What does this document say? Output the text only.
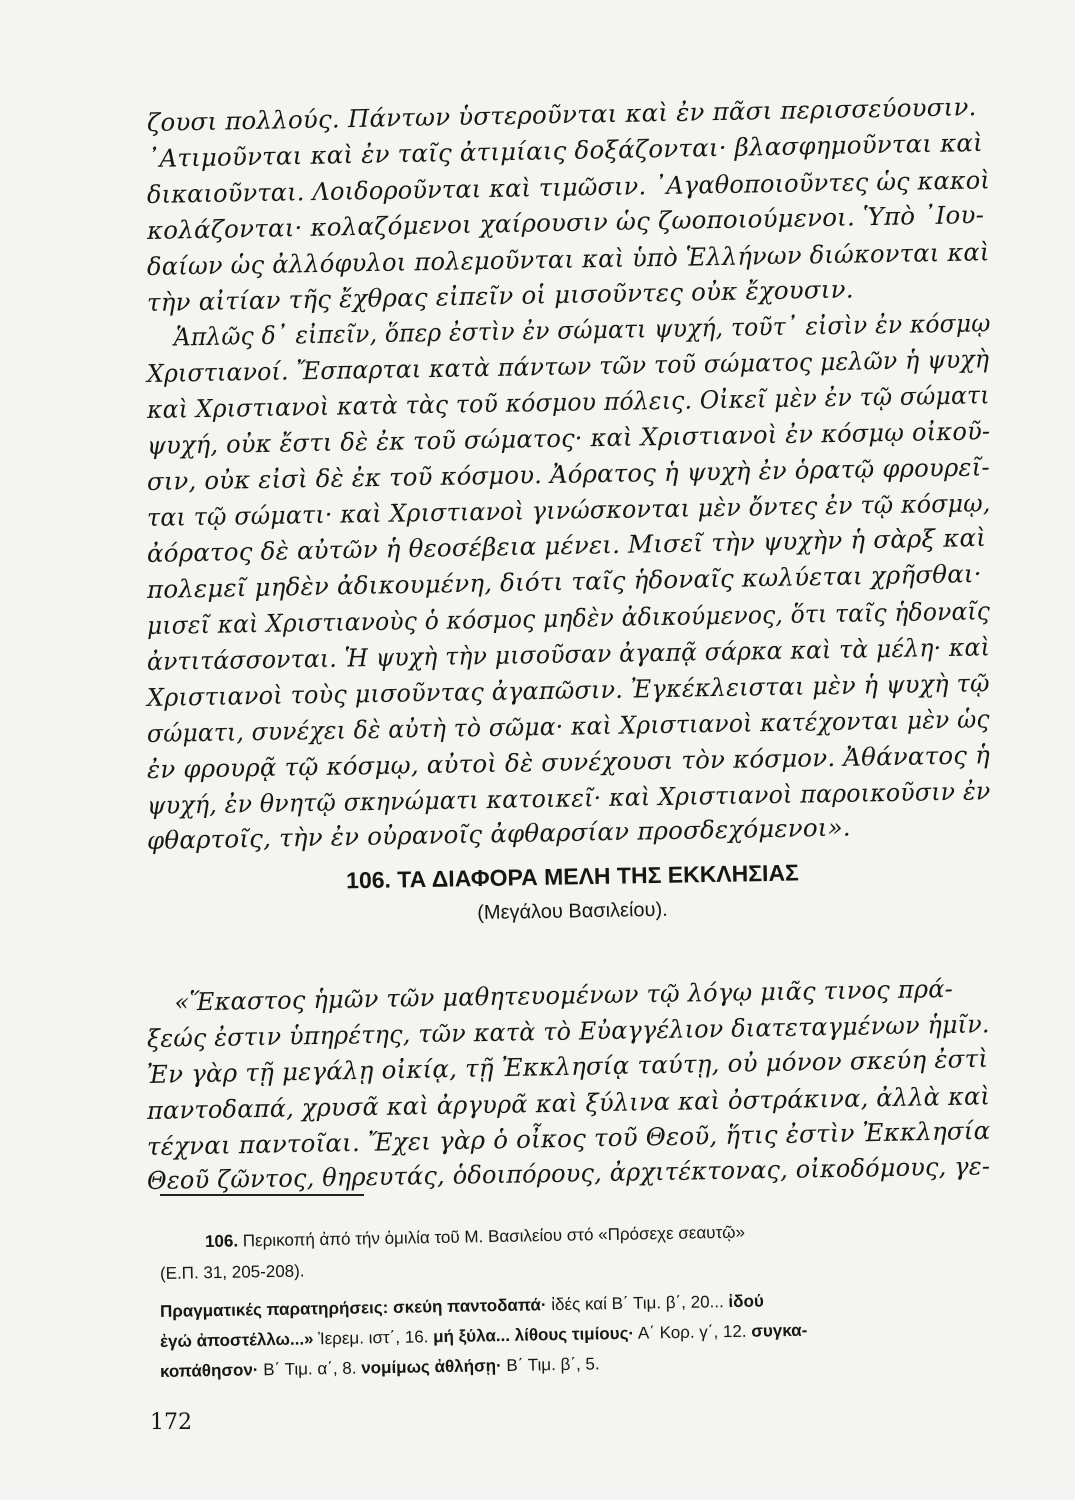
ζουσι πολλούς. Πάντων ὑστεροῦνται καὶ ἐν πᾶσι περισσεύουσιν.
᾿Ατιμοῦνται καὶ ἐν ταῖς ἀτιμίαις δοξάζονται· βλασφημοῦνται καὶ
δικαιοῦνται. Λοιδοροῦνται καὶ τιμῶσιν. ᾿Αγαθοποιοῦντες ὡς κακοὶ
κολάζονται· κολαζόμενοι χαίρουσιν ὡς ζωοποιούμενοι. Ὑπὸ ᾿Ιου-
δαίων ὡς ἀλλόφυλοι πολεμοῦνται καὶ ὑπὸ Ἑλλήνων διώκονται καὶ
τὴν αἰτίαν τῆς ἔχθρας εἰπεῖν οἱ μισοῦντες οὐκ ἔχουσιν.
Ἁπλῶς δ᾿ εἰπεῖν, ὅπερ ἐστὶν ἐν σώματι ψυχή, τοῦτ᾿ εἰσὶν ἐν κόσμῳ
Χριστιανοί. Ἔσπαρται κατὰ πάντων τῶν τοῦ σώματος μελῶν ἡ ψυχὴ
καὶ Χριστιανοὶ κατὰ τὰς τοῦ κόσμου πόλεις. Οἰκεῖ μὲν ἐν τῷ σώματι
ψυχή, οὐκ ἔστι δὲ ἐκ τοῦ σώματος· καὶ Χριστιανοὶ ἐν κόσμῳ οἰκοῦ-
σιν, οὐκ εἰσὶ δὲ ἐκ τοῦ κόσμου. Ἀόρατος ἡ ψυχὴ ἐν ὁρατῷ φρουρεῖ-
ται τῷ σώματι· καὶ Χριστιανοὶ γινώσκονται μὲν ὄντες ἐν τῷ κόσμῳ,
ἀόρατος δὲ αὐτῶν ἡ θεοσέβεια μένει. Μισεῖ τὴν ψυχὴν ἡ σὰρξ καὶ
πολεμεῖ μηδὲν ἀδικουμένη, διότι ταῖς ἡδοναῖς κωλύεται χρῆσθαι·
μισεῖ καὶ Χριστιανοὺς ὁ κόσμος μηδὲν ἀδικούμενος, ὅτι ταῖς ἡδοναῖς
ἀντιτάσσονται. Ἡ ψυχὴ τὴν μισοῦσαν ἀγαπᾷ σάρκα καὶ τὰ μέλη· καὶ
Χριστιανοὶ τοὺς μισοῦντας ἀγαπῶσιν. Ἐγκέκλεισται μὲν ἡ ψυχὴ τῷ
σώματι, συνέχει δὲ αὐτὴ τὸ σῶμα· καὶ Χριστιανοὶ κατέχονται μὲν ὡς
ἐν φρουρᾷ τῷ κόσμῳ, αὐτοὶ δὲ συνέχουσι τὸν κόσμον. Ἀθάνατος ἡ
ψυχή, ἐν θνητῷ σκηνώματι κατοικεῖ· καὶ Χριστιανοὶ παροικοῦσιν ἐν
φθαρτοῖς, τὴν ἐν οὐρανοῖς ἀφθαρσίαν προσδεχόμενοι».
106. ΤΑ ΔΙΑΦΟΡΑ ΜΕΛΗ ΤΗΣ ΕΚΚΛΗΣΙΑΣ
(Μεγάλου Βασιλείου).
«Ἕκαστος ἡμῶν τῶν μαθητευομένων τῷ λόγῳ μιᾶς τινος πρά-
ξεώς ἐστιν ὑπηρέτης, τῶν κατὰ τὸ Εὐαγγέλιον διατεταγμένων ἡμῖν.
Ἐν γὰρ τῇ μεγάλῃ οἰκίᾳ, τῇ Ἐκκλησίᾳ ταύτῃ, οὐ μόνον σκεύη ἐστὶ
παντοδαπά, χρυσᾶ καὶ ἀργυρᾶ καὶ ξύλινα καὶ ὀστράκινα, ἀλλὰ καὶ
τέχναι παντοῖαι. Ἔχει γὰρ ὁ οἶκος τοῦ Θεοῦ, ἥτις ἐστὶν Ἐκκλησία
Θεοῦ ζῶντος, θηρευτάς, ὁδοιπόρους, ἀρχιτέκτονας, οἰκοδόμους, γε-
106. Περικοπή ἀπό τήν ὁμιλία τοῦ Μ. Βασιλείου στό «Πρόσεχε σεαυτῷ»
(Ε.Π. 31, 205-208).
Πραγματικές παρατηρήσεις: σκεύη παντοδαπά· ἰδές καί Β΄ Τιμ. β΄, 20... ἰδού
ἐγώ ἀποστέλλω...» Ἱερεμ. ιστ΄, 16. μή ξύλα... λίθους τιμίους· Α΄ Κορ. γ΄, 12. συγκα-
κοπάθησον· Β΄ Τιμ. α΄, 8. νομίμως ἀθλήσῃ· Β΄ Τιμ. β΄, 5.
172
